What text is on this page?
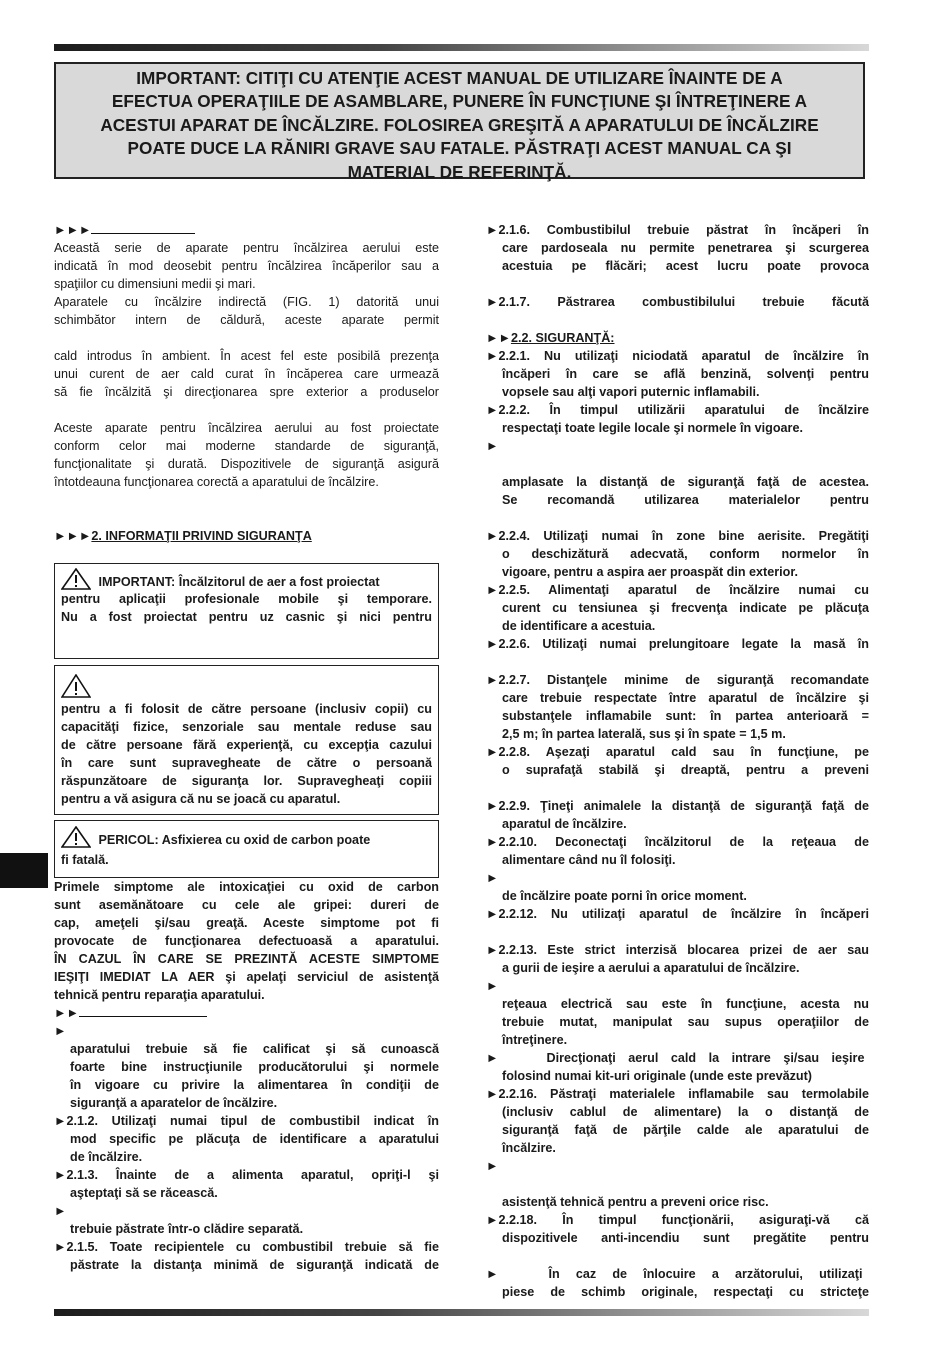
IMPORTANT: CITIŢI CU ATENŢIE ACEST MANUAL DE UTILIZARE ÎNAINTE DE A
EFECTUA OPERAŢIILE DE ASAMBLARE, PUNERE ÎN FUNCŢIUNE ŞI ÎNTREŢINERE A
ACESTUI APARAT DE ÎNCĂLZIRE. FOLOSIREA GREŞITĂ A APARATULUI DE ÎNCĂLZIRE
POATE DUCE LA RĂNIRI GRAVE SAU FATALE. PĂSTRAŢI ACEST MANUAL CA ŞI
MATERIAL DE REFERINŢĂ.
►►►
Această serie de aparate pentru încălzirea aerului este
indicată în mod deosebit pentru încălzirea încăperilor sau a
spaţiilor cu dimensiuni medii şi mari.
Aparatele cu încălzire indirectă (FIG. 1) datorită unui
schimbător intern de căldură, aceste aparate permit
cald introdus în ambient. În acest fel este posibilă prezenţa
unui curent de aer cald curat în încăperea care urmează
să fie încălzită şi direcţionarea spre exterior a produselor
Aceste aparate pentru încălzirea aerului au fost proiectate
conform celor mai moderne standarde de siguranţă,
funcţionalitate şi durată. Dispozitivele de siguranţă asigură
întotdeauna funcţionarea corectă a aparatului de încălzire.
►►►2. INFORMAŢII PRIVIND SIGURANŢA
IMPORTANT: Încălzitorul de aer a fost proiectat
pentru aplicaţii profesionale mobile şi temporare.
Nu a fost proiectat pentru uz casnic şi nici pentru
pentru a fi folosit de către persoane (inclusiv copii) cu
capacităţi fizice, senzoriale sau mentale reduse sau
de către persoane fără experienţă, cu excepţia cazului
în care sunt supravegheate de către o persoană
răspunzătoare de siguranţa lor. Supravegheaţi copiii
pentru a vă asigura că nu se joacă cu aparatul.
PERICOL: Asfixierea cu oxid de carbon poate
fi fatală.
Primele simptome ale intoxicaţiei cu oxid de carbon
sunt asemănătoare cu cele ale gripei: dureri de
cap, ameţeli şi/sau greaţă. Aceste simptome pot fi
provocate de funcţionarea defectuoasă a aparatului.
ÎN CAZUL ÎN CARE SE PREZINTĂ ACESTE SIMPTOME
IEŞIŢI IMEDIAT LA AER şi apelaţi serviciul de asistenţă
tehnică pentru reparaţia aparatului.
►►
►
aparatului trebuie să fie calificat şi să cunoască
foarte bine instrucţiunile producătorului şi normele
în vigoare cu privire la alimentarea în condiţii de
siguranţă a aparatelor de încălzire.
►2.1.2. Utilizaţi numai tipul de combustibil indicat în
mod specific pe plăcuţa de identificare a aparatului
de încălzire.
►2.1.3. Înainte de a alimenta aparatul, opriţi-l şi
aşteptaţi să se răcească.
►
trebuie păstrate într-o clădire separată.
►2.1.5. Toate recipientele cu combustibil trebuie să fie
păstrate la distanţa minimă de siguranţă indicată de
►2.1.6. Combustibilul trebuie păstrat în încăperi în
care pardoseala nu permite penetrarea şi scurgerea
acestuia pe flăcări; acest lucru poate provoca
►2.1.7. Păstrarea combustibilului trebuie făcută
►►2.2. SIGURANŢĂ:
►2.2.1. Nu utilizaţi niciodată aparatul de încălzire în
încăperi în care se află benzină, solvenţi pentru
vopsele sau alţi vapori puternic inflamabili.
►2.2.2. În timpul utilizării aparatului de încălzire
respectaţi toate legile locale şi normele în vigoare.
►
amplasate la distanţă de siguranţă faţă de acestea.
Se recomandă utilizarea materialelor pentru
►2.2.4. Utilizaţi numai în zone bine aerisite. Pregătiţi
o deschizătură adecvată, conform normelor în
vigoare, pentru a aspira aer proaspăt din exterior.
►2.2.5. Alimentaţi aparatul de încălzire numai cu
curent cu tensiunea şi frecvenţa indicate pe plăcuţa
de identificare a acestuia.
►2.2.6. Utilizaţi numai prelungitoare legate la masă în
►2.2.7. Distanţele minime de siguranţă recomandate
care trebuie respectate între aparatul de încălzire şi
substanţele inflamabile sunt: în partea anterioară =
2,5 m; în partea laterală, sus şi în spate = 1,5 m.
►2.2.8. Aşezaţi aparatul cald sau în funcţiune, pe
o suprafaţă stabilă şi dreaptă, pentru a preveni
►2.2.9. Ţineţi animalele la distanţă de siguranţă faţă de
aparatul de încălzire.
►2.2.10. Deconectaţi încălzitorul de la reţeaua de
alimentare când nu îl folosiţi.
►
de încălzire poate porni în orice moment.
►2.2.12. Nu utilizaţi aparatul de încălzire în încăperi
►2.2.13. Este strict interzisă blocarea prizei de aer sau
a gurii de ieşire a aerului a aparatului de încălzire.
►
reţeaua electrică sau este în funcţiune, acesta nu
trebuie mutat, manipulat sau supus operaţiilor de
întreţinere.
►	Direcţionaţi aerul cald la intrare şi/sau ieşire
folosind numai kit-uri originale (unde este prevăzut)
►2.2.16. Păstraţi materialele inflamabile sau termolabile
(inclusiv cablul de alimentare) la o distanţă de
siguranţă faţă de părţile calde ale aparatului de
încălzire.
►
asistenţă tehnică pentru a preveni orice risc.
►2.2.18. În timpul funcţionării, asiguraţi-vă că
dispozitivele anti-incendiu sunt pregătite pentru
►	În caz de înlocuire a arzătorului, utilizaţi
piese de schimb originale, respectaţi cu stricteţe
